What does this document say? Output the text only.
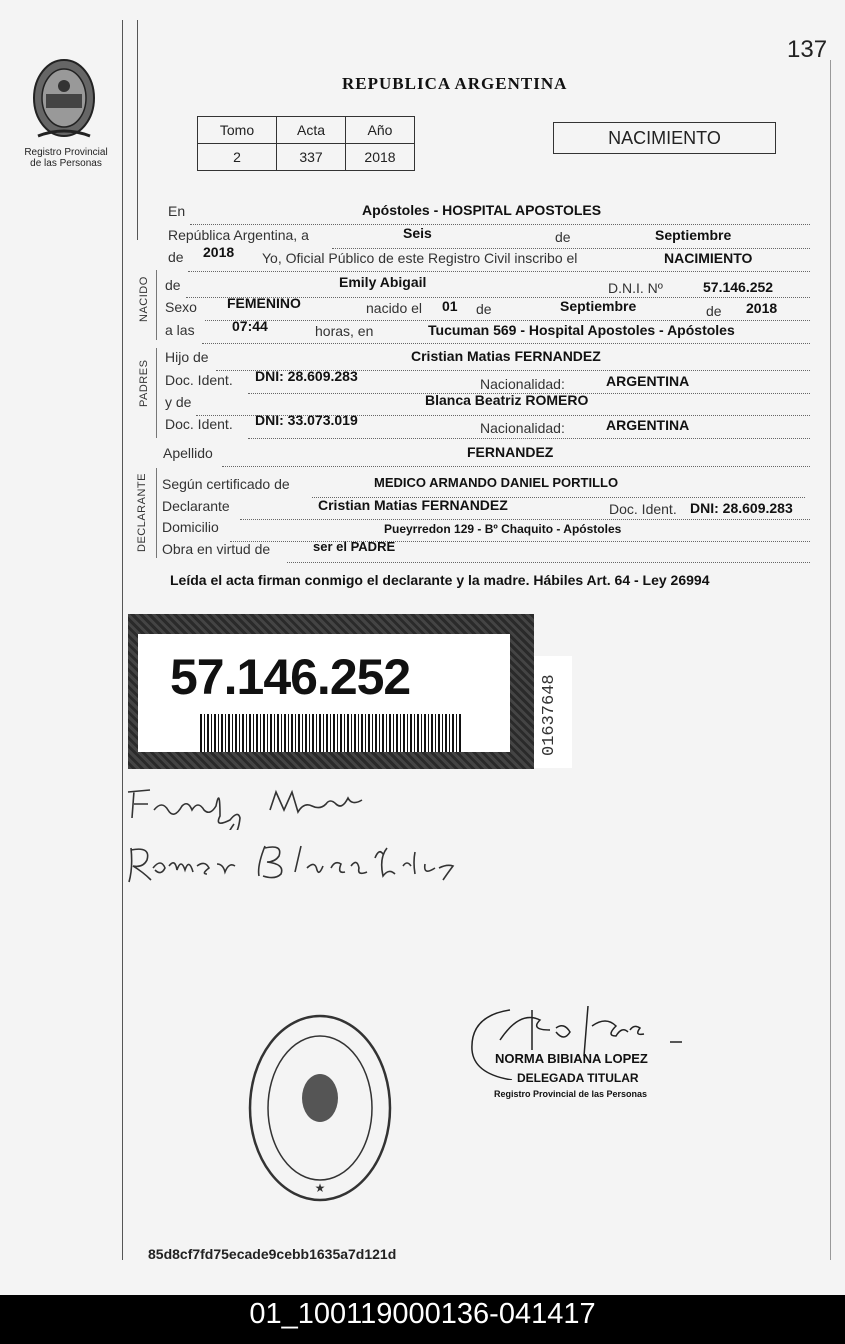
137
Registro Provincial
de las Personas
REPUBLICA ARGENTINA
Tomo	Acta	Año
2	337	2018
NACIMIENTO
En	Apóstoles - HOSPITAL APOSTOLES
República Argentina, a	Seis	de	Septiembre
de 2018 Yo, Oficial Público de este Registro Civil inscribo el	NACIMIENTO
NACIDO de	Emily Abigail	D.N.I. Nº	57.146.252
Sexo FEMENINO	nacido el 01 de	Septiembre	de 2018
a las	07:44	horas, en	Tucuman 569 - Hospital Apostoles - Apóstoles
PADRES
Hijo de	Cristian Matias FERNANDEZ
Doc. Ident. DNI: 28.609.283	Nacionalidad:	ARGENTINA
y de	Blanca Beatriz ROMERO
Doc. Ident. DNI: 33.073.019	Nacionalidad:	ARGENTINA
Apellido	FERNANDEZ
DECLARANTE Según certificado de	MEDICO ARMANDO DANIEL PORTILLO
Declarante	Cristian Matias FERNANDEZ	Doc. Ident. DNI: 28.609.283
Domicilio	Pueyrredon 129 - Bº Chaquito - Apóstoles
Obra en virtud de	ser el PADRE
Leída el acta firman conmigo el declarante y la madre. Hábiles Art. 64 - Ley 26994
57.146.252	01637648
★
NORMA BIBIANA LOPEZ
DELEGADA TITULAR
Registro Provincial de las Personas
85d8cf7fd75ecade9cebb1635a7d121d
01_100119000136-041417
